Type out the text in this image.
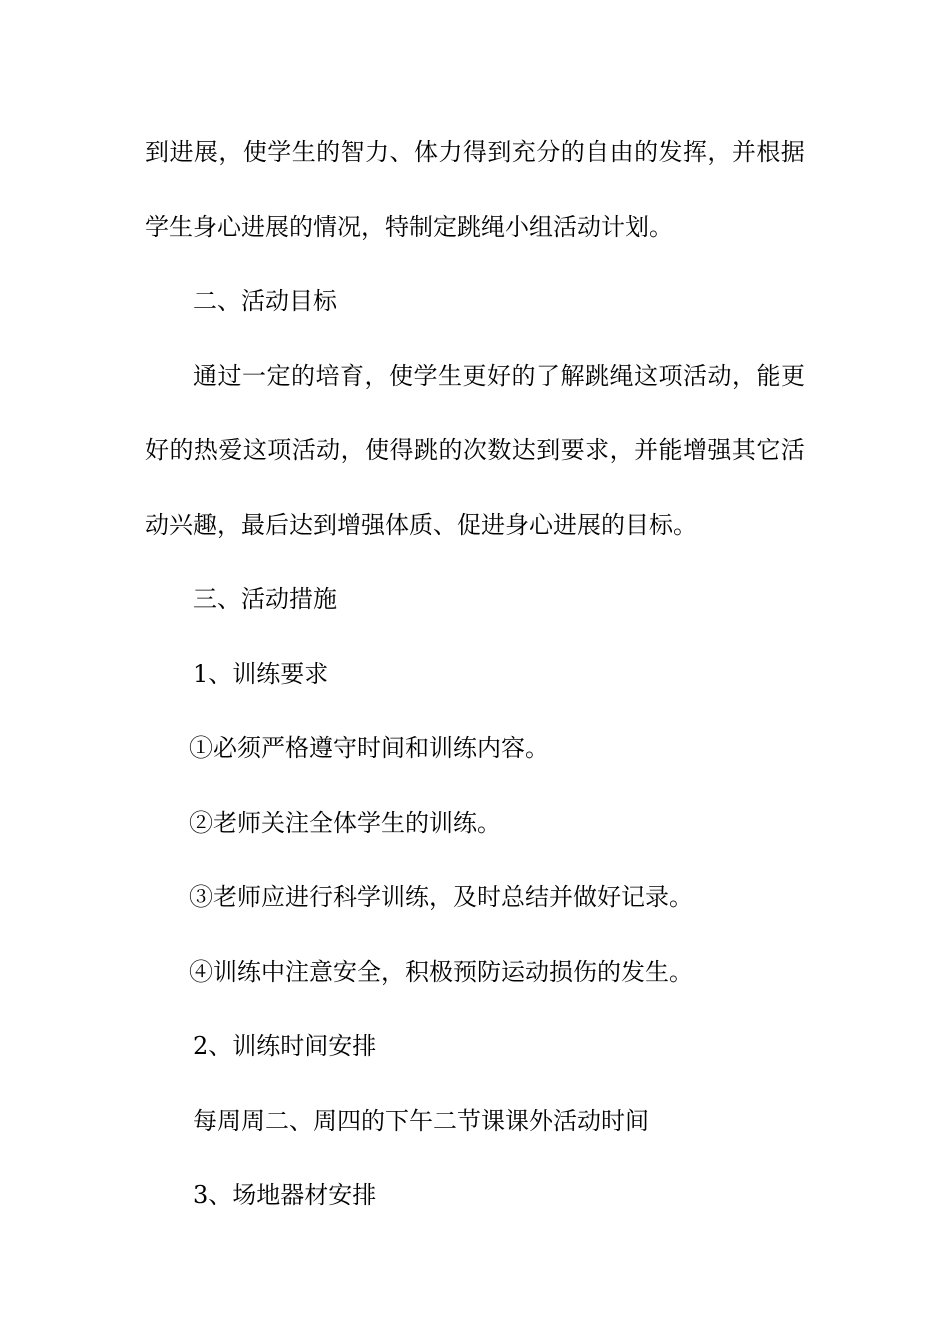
到 进 展 ， 使 学 生 的 智 力 、 体 力 得 到 充 分 的 自 由 的 发 挥 ， 并 根 据
学生身心进展的情况，特制定跳绳小组活动计划。
二、活动目标
通 过 一 定 的 培 育 ， 使 学 生 更 好 的 了 解 跳 绳 这 项 活 动 ， 能 更
好 的 热 爱 这 项 活 动 ， 使 得 跳 的 次 数 达 到 要 求 ， 并 能 增 强 其 它 活
动兴趣，最后达到增强体质、促进身心进展的目标。
三、活动措施
1、训练要求
①必须严格遵守时间和训练内容。
②老师关注全体学生的训练。
③老师应进行科学训练，及时总结并做好记录。
④训练中注意安全，积极预防运动损伤的发生。
2、训练时间安排
每周周二、周四的下午二节课课外活动时间
3、场地器材安排
